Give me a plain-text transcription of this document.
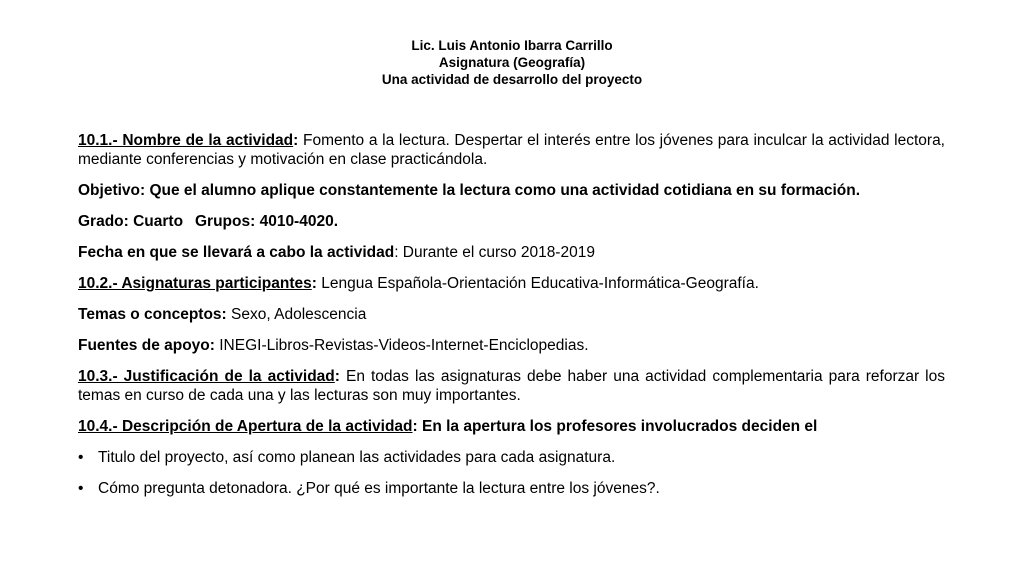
Lic. Luis Antonio Ibarra Carrillo
Asignatura (Geografía)
Una actividad de desarrollo del proyecto

10.1.- Nombre de la actividad: Fomento a la lectura. Despertar el interés entre los jóvenes para inculcar la actividad lectora, mediante conferencias y motivación en clase practicándola.

Objetivo: Que el alumno aplique constantemente la lectura como una actividad cotidiana en su formación.

Grado: Cuarto Grupos: 4010-4020.

Fecha en que se llevará a cabo la actividad: Durante el curso 2018-2019

10.2.- Asignaturas participantes: Lengua Española-Orientación Educativa-Informática-Geografía.

Temas o conceptos: Sexo, Adolescencia

Fuentes de apoyo: INEGI-Libros-Revistas-Videos-Internet-Enciclopedias.

10.3.- Justificación de la actividad: En todas las asignaturas debe haber una actividad complementaria para reforzar los temas en curso de cada una y las lecturas son muy importantes.

10.4.- Descripción de Apertura de la actividad: En la apertura los profesores involucrados deciden el

• Titulo del proyecto, así como planean las actividades para cada asignatura.
• Cómo pregunta detonadora. ¿Por qué es importante la lectura entre los jóvenes?.
